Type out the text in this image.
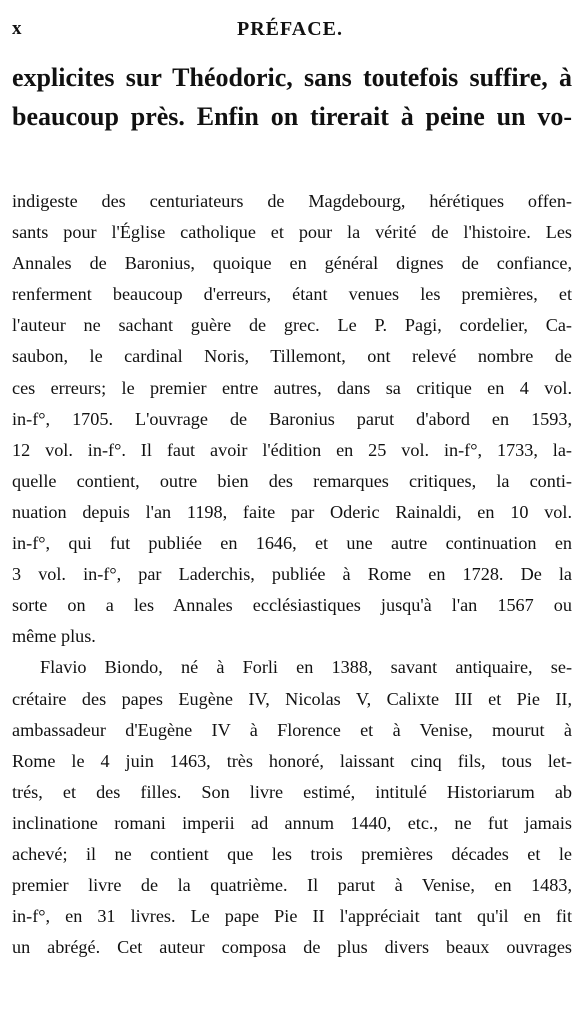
x	PRÉFACE.
explicites sur Théodoric, sans toutefois suffire, à
beaucoup près. Enfin on tirerait à peine un vo-
indigeste des centuriateurs de Magdebourg, hérétiques offen-
sants pour l'Église catholique et pour la vérité de l'histoire. Les
Annales de Baronius, quoique en général dignes de confiance,
renferment beaucoup d'erreurs, étant venues les premières, et
l'auteur ne sachant guère de grec. Le P. Pagi, cordelier, Ca-
saubon, le cardinal Noris, Tillemont, ont relevé nombre de
ces erreurs; le premier entre autres, dans sa critique en 4 vol.
in-f°, 1705. L'ouvrage de Baronius parut d'abord en 1593,
12 vol. in-f°. Il faut avoir l'édition en 25 vol. in-f°, 1733, la-
quelle contient, outre bien des remarques critiques, la conti-
nuation depuis l'an 1198, faite par Oderic Rainaldi, en 10 vol.
in-f°, qui fut publiée en 1646, et une autre continuation en
3 vol. in-f°, par Laderchis, publiée à Rome en 1728. De la
sorte on a les Annales ecclésiastiques jusqu'à l'an 1567 ou
même plus.
Flavio Biondo, né à Forli en 1388, savant antiquaire, se-
crétaire des papes Eugène IV, Nicolas V, Calixte III et Pie II,
ambassadeur d'Eugène IV à Florence et à Venise, mourut à
Rome le 4 juin 1463, très honoré, laissant cinq fils, tous let-
trés, et des filles. Son livre estimé, intitulé Historiarum ab
inclinatione romani imperii ad annum 1440, etc., ne fut jamais
achevé; il ne contient que les trois premières décades et le
premier livre de la quatrième. Il parut à Venise, en 1483,
in-f°, en 31 livres. Le pape Pie II l'appréciait tant qu'il en fit
un abrégé. Cet auteur composa de plus divers beaux ouvrages
